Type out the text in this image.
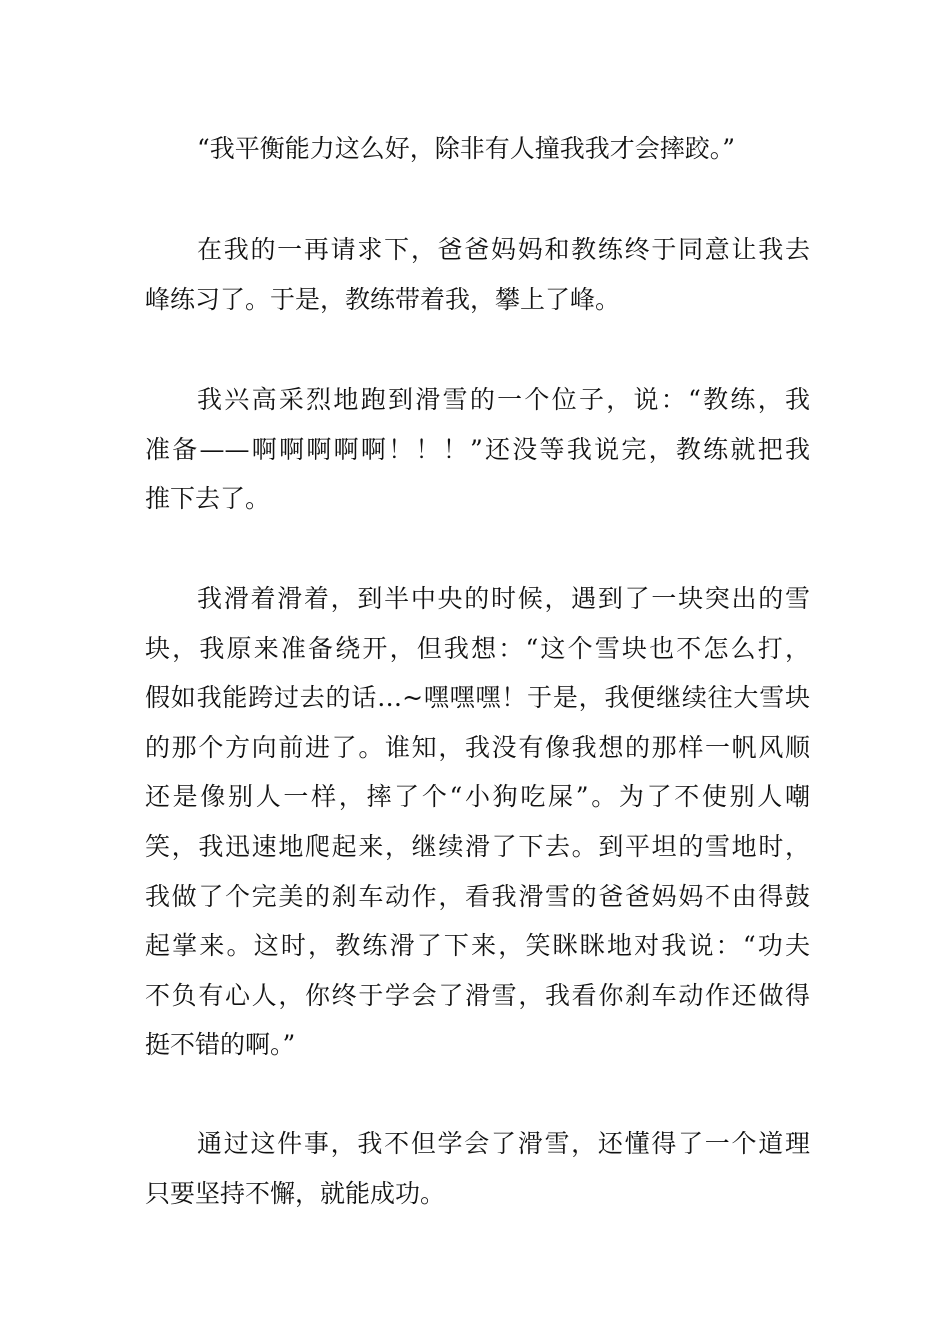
“我平衡能力这么好，除非有人撞我我才会摔跤。”
在我的一再请求下，爸爸妈妈和教练终于同意让我去
峰练习了。于是，教练带着我，攀上了峰。
我兴高采烈地跑到滑雪的一个位子，说：“教练，我
准备——啊啊啊啊啊！！！”还没等我说完，教练就把我
推下去了。
我滑着滑着，到半中央的时候，遇到了一块突出的雪
块，我原来准备绕开，但我想：“这个雪块也不怎么打，
假如我能跨过去的话…~嘿嘿嘿！于是，我便继续往大雪块
的那个方向前进了。谁知，我没有像我想的那样一帆风顺
还是像别人一样，摔了个“小狗吃屎”。为了不使别人嘲
笑，我迅速地爬起来，继续滑了下去。到平坦的雪地时，
我做了个完美的刹车动作，看我滑雪的爸爸妈妈不由得鼓
起掌来。这时，教练滑了下来，笑眯眯地对我说：“功夫
不负有心人，你终于学会了滑雪，我看你刹车动作还做得
挺不错的啊。”
通过这件事，我不但学会了滑雪，还懂得了一个道理
只要坚持不懈，就能成功。
